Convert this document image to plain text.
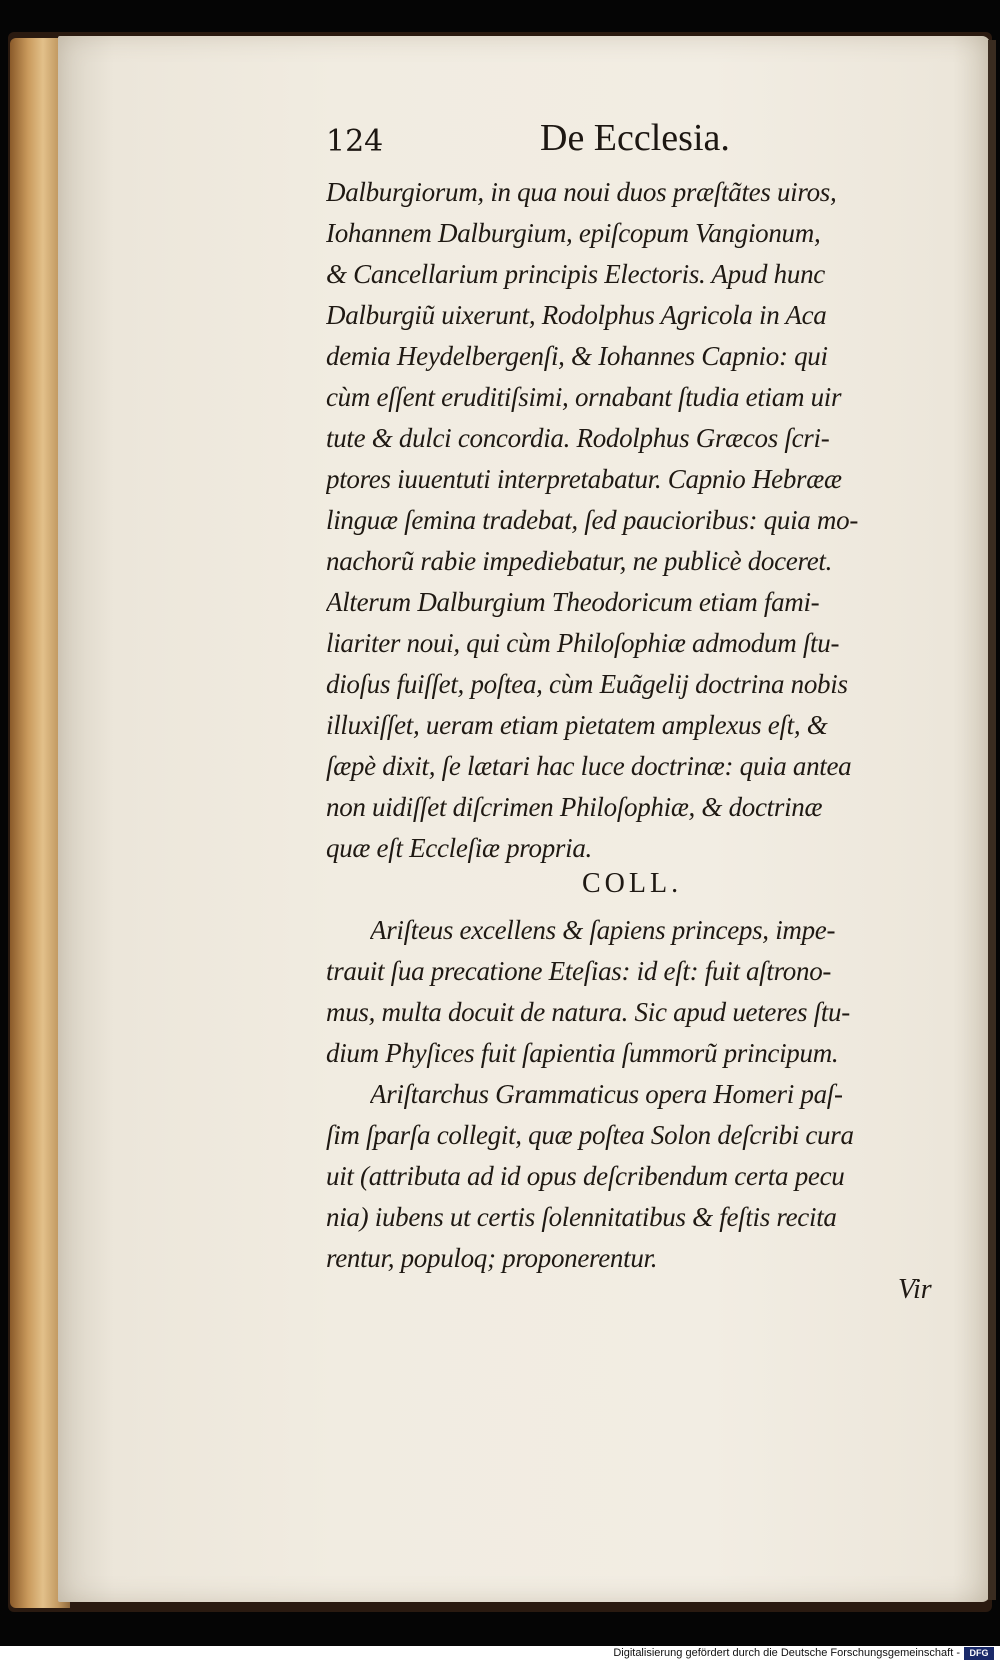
124	De Ecclesia.
Dalburgiorum, in qua noui duos præſtãtes uiros,
Iohannem Dalburgium, epiſcopum Vangionum,
& Cancellarium principis Electoris. Apud hunc
Dalburgiũ uixerunt, Rodolphus Agricola in Aca
demia Heydelbergenſi, & Iohannes Capnio: qui
cùm eſſent eruditiſsimi, ornabant ſtudia etiam uir
tute & dulci concordia. Rodolphus Græcos ſcri-
ptores iuuentuti interpretabatur. Capnio Hebrææ
linguæ ſemina tradebat, ſed paucioribus: quia mo-
nachorũ rabie impediebatur, ne publicè doceret.
Alterum Dalburgium Theodoricum etiam fami-
liariter noui, qui cùm Philoſophiæ admodum ſtu-
dioſus fuiſſet, poſtea, cùm Euãgelij doctrina nobis
illuxiſſet, ueram etiam pietatem amplexus eſt, &
ſæpè dixit, ſe lætari hac luce doctrinæ: quia antea
non uidiſſet diſcrimen Philoſophiæ, & doctrinæ
quæ eſt Eccleſiæ propria.
COLL.
Ariſteus excellens & ſapiens princeps, impe-
trauit ſua precatione Eteſias: id eſt: fuit aſtrono-
mus, multa docuit de natura. Sic apud ueteres ſtu-
dium Phyſices fuit ſapientia ſummorũ principum.
Ariſtarchus Grammaticus opera Homeri paſ-
ſim ſparſa collegit, quæ poſtea Solon deſcribi cura
uit (attributa ad id opus deſcribendum certa pecu
nia) iubens ut certis ſolennitatibus & feſtis recita
rentur, populoq; proponerentur.
Vir
Digitalisierung gefördert durch die Deutsche Forschungsgemeinschaft -	DFG
